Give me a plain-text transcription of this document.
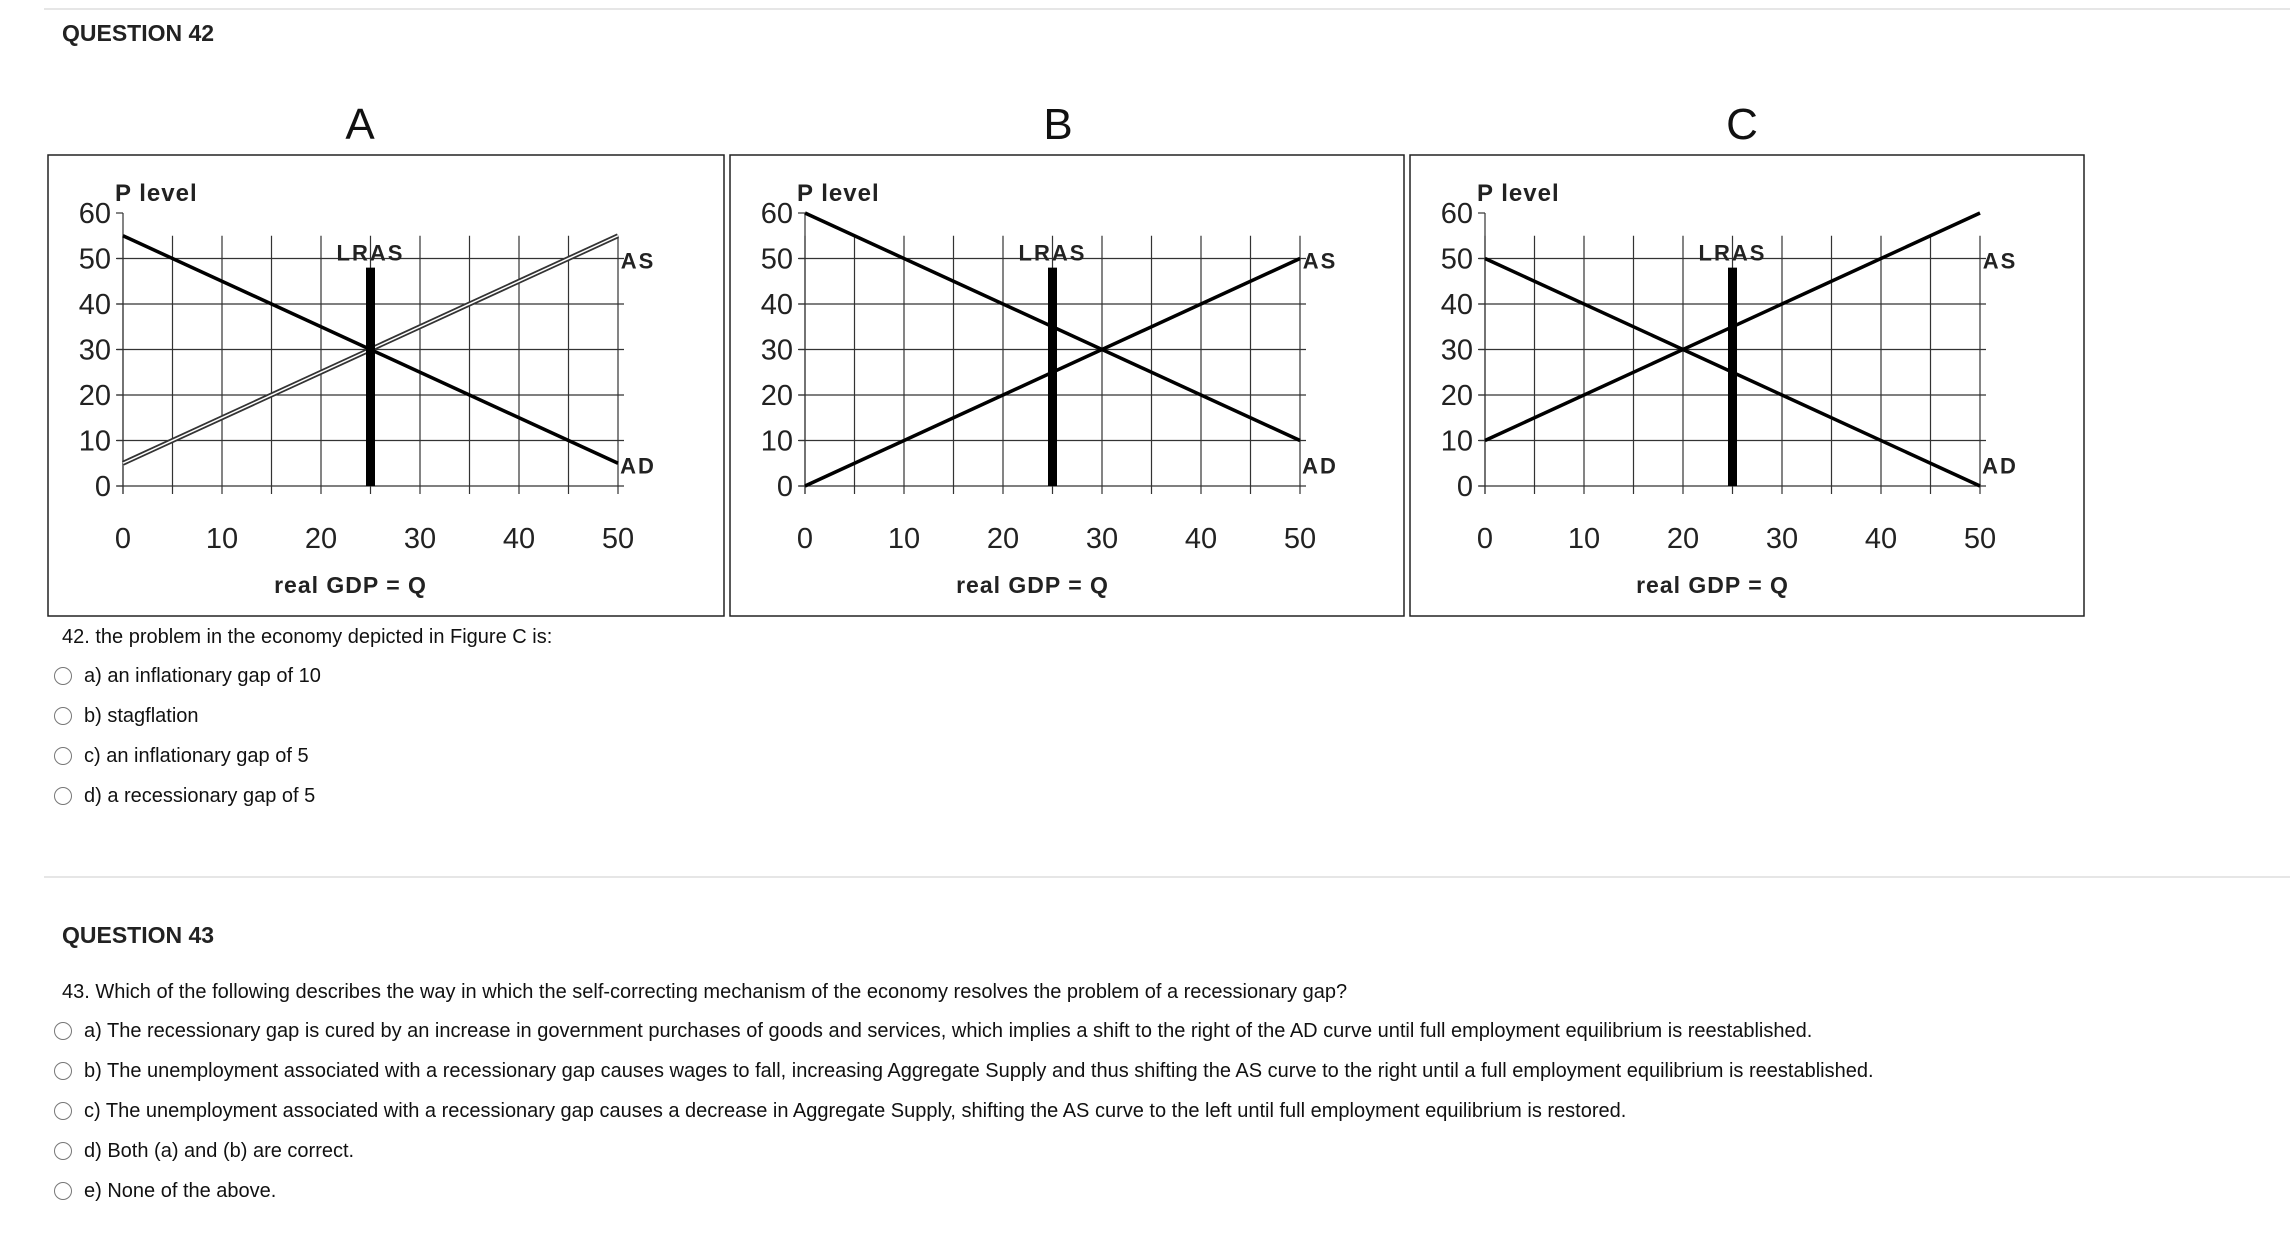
QUESTION 42
A	B	C
0
10
20
30
40
50
60
0	10 20 30 40 50
P level
real GDP = Q
AD
AS
LRAS
0
10
20
30
40
50
60
0	10 20 30 40 50
P level
real GDP = Q
AD
AS
LRAS
0
10
20
30
40
50
60
0	10 20 30 40 50
P level
real GDP = Q
AD
AS
LRAS
42. the problem in the economy depicted in Figure C is:
a) an inflationary gap of 10
b) stagflation
c) an inflationary gap of 5
d) a recessionary gap of 5
QUESTION 43
43. Which of the following describes the way in which the self-correcting mechanism of the economy resolves the problem of a recessionary gap?
a) The recessionary gap is cured by an increase in government purchases of goods and services, which implies a shift to the right of the AD curve until full employment equilibrium is reestablished.
b) The unemployment associated with a recessionary gap causes wages to fall, increasing Aggregate Supply and thus shifting the AS curve to the right until a full employment equilibrium is reestablished.
c) The unemployment associated with a recessionary gap causes a decrease in Aggregate Supply, shifting the AS curve to the left until full employment equilibrium is restored.
d) Both (a) and (b) are correct.
e) None of the above.
